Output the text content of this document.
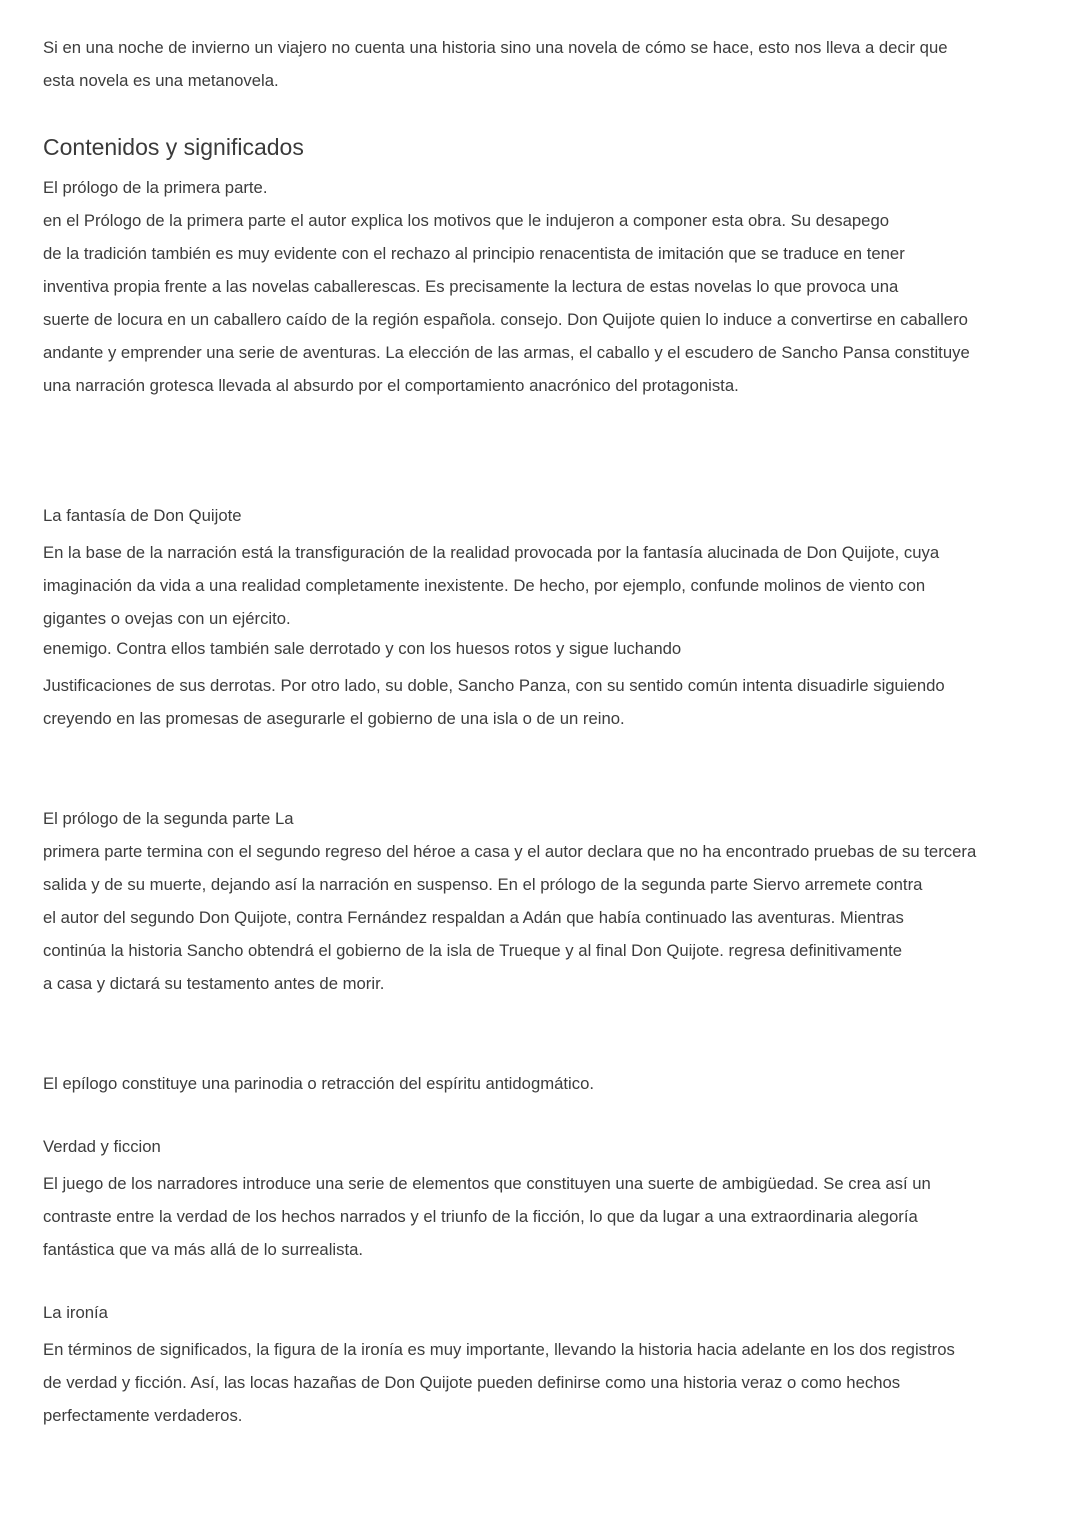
Si en una noche de invierno un viajero no cuenta una historia sino una novela de cómo se hace, esto nos lleva a decir que

esta novela es una metanovela.

Contenidos y significados

El prólogo de la primera parte.

en el Prólogo de la primera parte el autor explica los motivos que le indujeron a componer esta obra. Su desapego

de la tradición también es muy evidente con el rechazo al principio renacentista de imitación que se traduce en tener

inventiva propia frente a las novelas caballerescas. Es precisamente la lectura de estas novelas lo que provoca una

suerte de locura en un caballero caído de la región española. consejo. Don Quijote quien lo induce a convertirse en caballero

andante y emprender una serie de aventuras. La elección de las armas, el caballo y el escudero de Sancho Pansa constituye

una narración grotesca llevada al absurdo por el comportamiento anacrónico del protagonista.

La fantasía de Don Quijote

En la base de la narración está la transfiguración de la realidad provocada por la fantasía alucinada de Don Quijote, cuya

imaginación da vida a una realidad completamente inexistente. De hecho, por ejemplo, confunde molinos de viento con

gigantes o ovejas con un ejército.

enemigo. Contra ellos también sale derrotado y con los huesos rotos y sigue luchando

Justificaciones de sus derrotas. Por otro lado, su doble, Sancho Panza, con su sentido común intenta disuadirle siguiendo

creyendo en las promesas de asegurarle el gobierno de una isla o de un reino.

El prólogo de la segunda parte La

primera parte termina con el segundo regreso del héroe a casa y el autor declara que no ha encontrado pruebas de su tercera

salida y de su muerte, dejando así la narración en suspenso. En el prólogo de la segunda parte Siervo arremete contra

el autor del segundo Don Quijote, contra Fernández respaldan a Adán que había continuado las aventuras. Mientras

continúa la historia Sancho obtendrá el gobierno de la isla de Trueque y al final Don Quijote. regresa definitivamente

a casa y dictará su testamento antes de morir.

El epílogo constituye una parinodia o retracción del espíritu antidogmático.

Verdad y ficcion

El juego de los narradores introduce una serie de elementos que constituyen una suerte de ambigüedad. Se crea así un

contraste entre la verdad de los hechos narrados y el triunfo de la ficción, lo que da lugar a una extraordinaria alegoría

fantástica que va más allá de lo surrealista.

La ironía

En términos de significados, la figura de la ironía es muy importante, llevando la historia hacia adelante en los dos registros

de verdad y ficción. Así, las locas hazañas de Don Quijote pueden definirse como una historia veraz o como hechos

perfectamente verdaderos.
